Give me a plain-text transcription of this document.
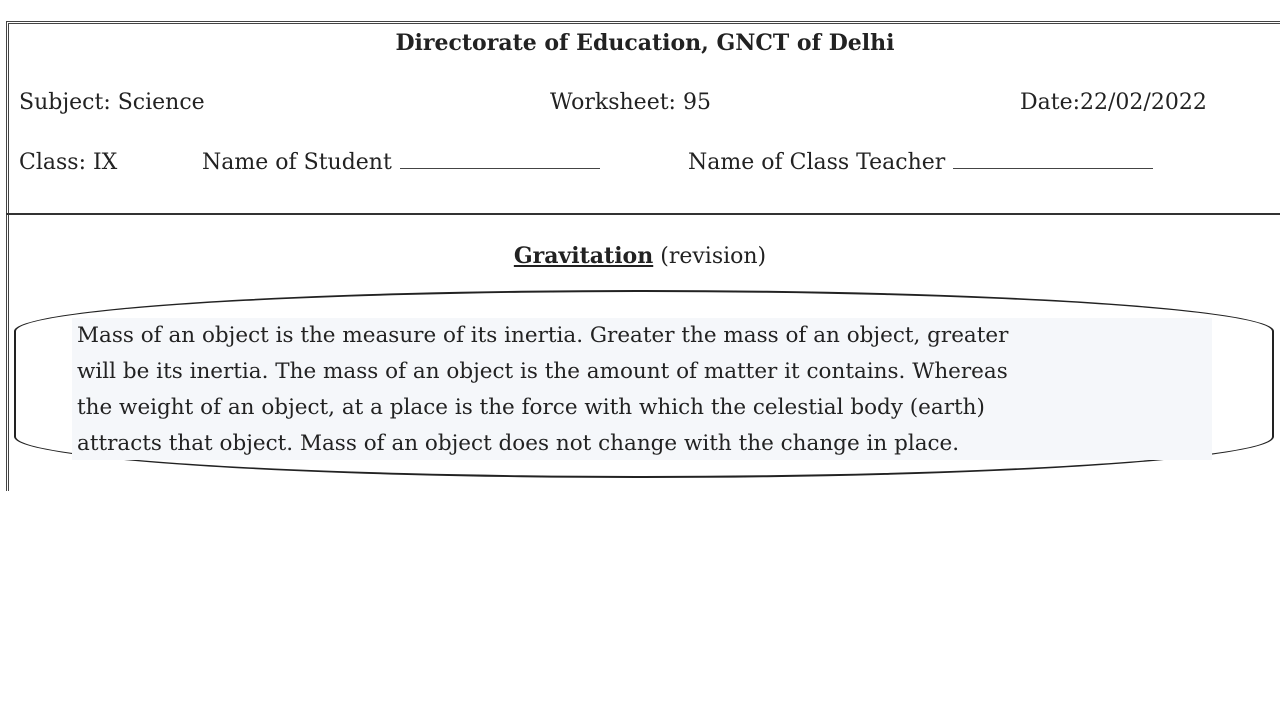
Directorate of Education, GNCT of Delhi
Subject: Science	Worksheet: 95	Date:22/02/2022
Class: IX	Name of Student	Name of Class Teacher
Gravitation (revision)
Mass of an object is the measure of its inertia. Greater the mass of an object, greater
will be its inertia. The mass of an object is the amount of matter it contains. Whereas
the weight of an object, at a place is the force with which the celestial body (earth)
attracts that object. Mass of an object does not change with the change in place.
